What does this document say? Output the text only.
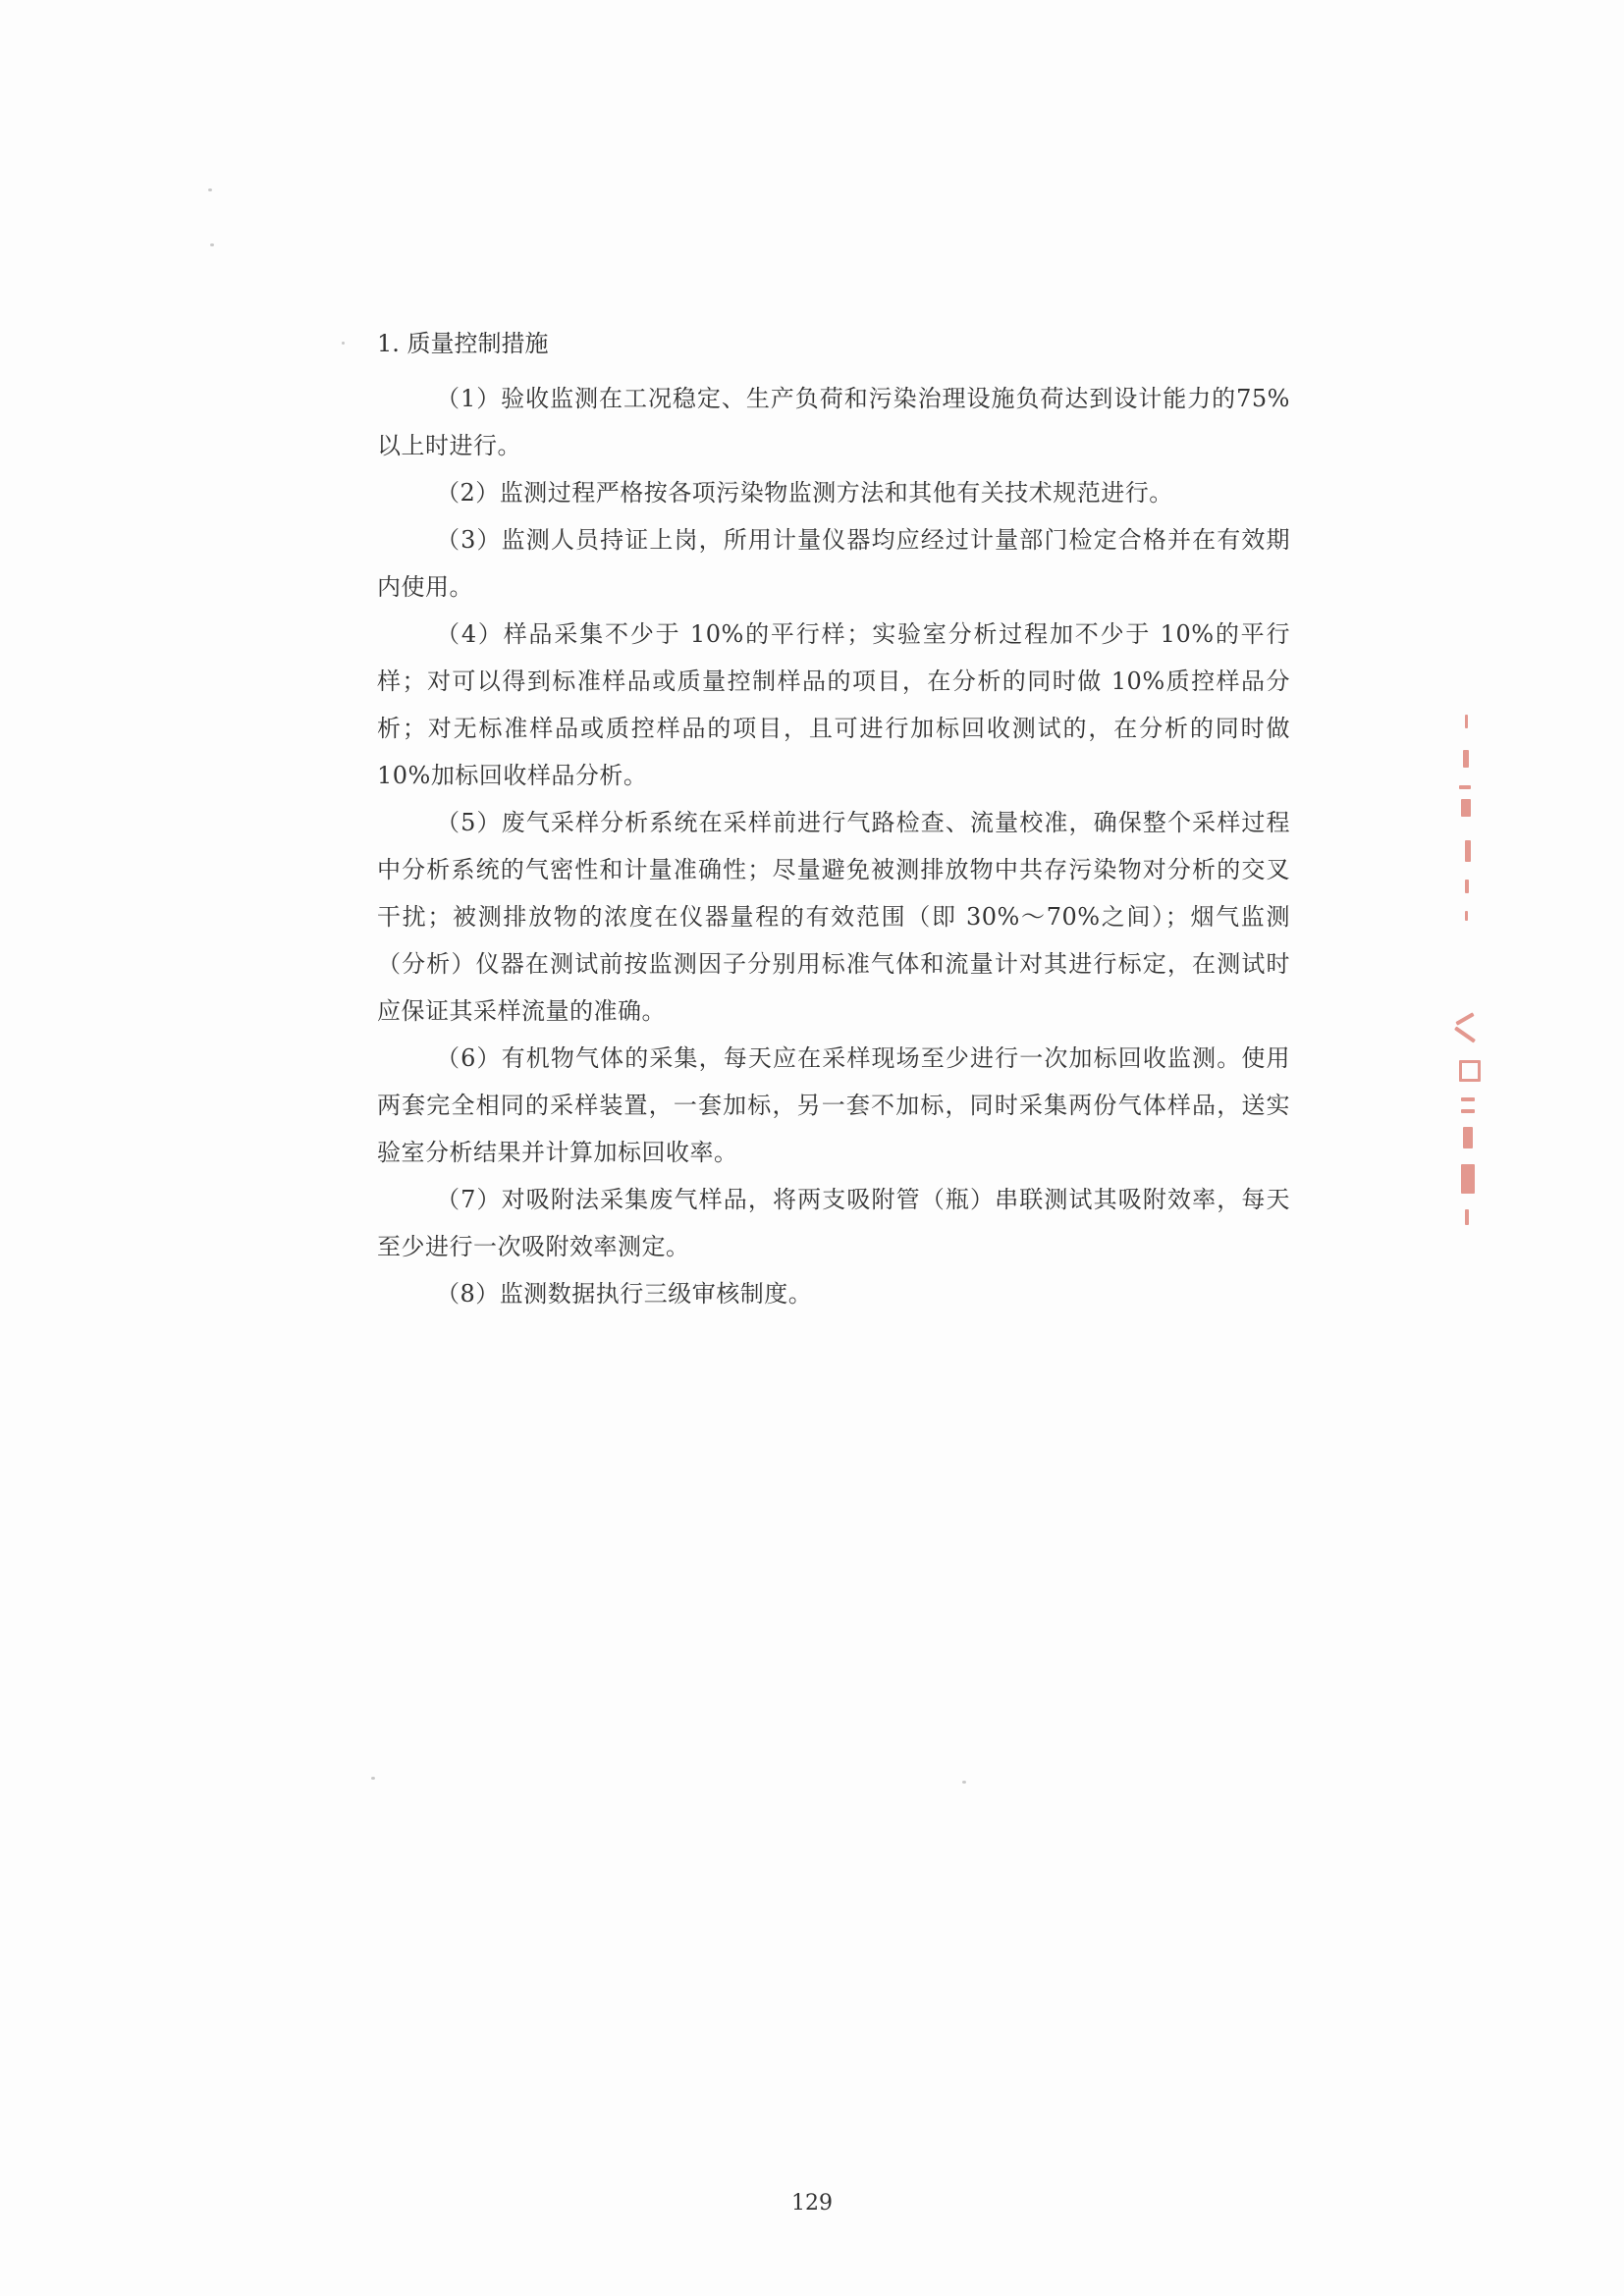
1. 质量控制措施

（1）验收监测在工况稳定、生产负荷和污染治理设施负荷达到设计能力的75%以上时进行。

（2）监测过程严格按各项污染物监测方法和其他有关技术规范进行。

（3）监测人员持证上岗，所用计量仪器均应经过计量部门检定合格并在有效期内使用。

（4）样品采集不少于 10%的平行样；实验室分析过程加不少于 10%的平行样；对可以得到标准样品或质量控制样品的项目，在分析的同时做 10%质控样品分析；对无标准样品或质控样品的项目，且可进行加标回收测试的，在分析的同时做 10%加标回收样品分析。

（5）废气采样分析系统在采样前进行气路检查、流量校准，确保整个采样过程中分析系统的气密性和计量准确性；尽量避免被测排放物中共存污染物对分析的交叉干扰；被测排放物的浓度在仪器量程的有效范围（即 30%～70%之间）；烟气监测（分析）仪器在测试前按监测因子分别用标准气体和流量计对其进行标定，在测试时应保证其采样流量的准确。

（6）有机物气体的采集，每天应在采样现场至少进行一次加标回收监测。使用两套完全相同的采样装置，一套加标，另一套不加标，同时采集两份气体样品，送实验室分析结果并计算加标回收率。

（7）对吸附法采集废气样品，将两支吸附管（瓶）串联测试其吸附效率，每天至少进行一次吸附效率测定。

（8）监测数据执行三级审核制度。

129
